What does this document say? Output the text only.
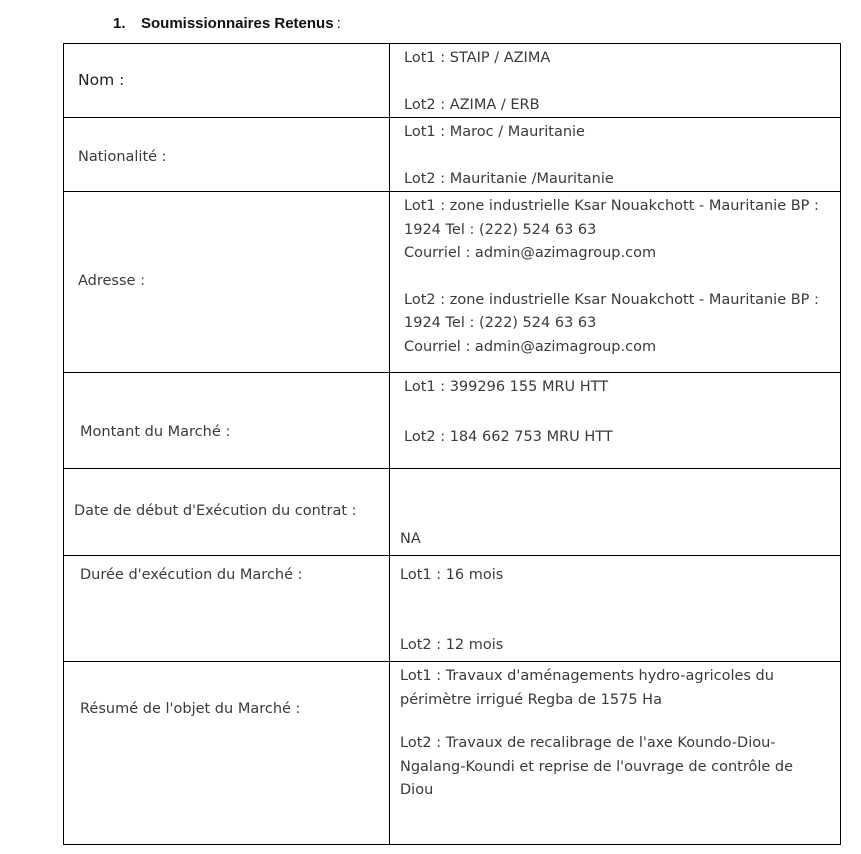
1. Soumissionnaires Retenus :
Nom :	Lot1 : STAIP / AZIMA
Lot2 : AZIMA / ERB

Nationalité :	Lot1 : Maroc / Mauritanie
Lot2 : Mauritanie /Mauritanie

Adresse :	Lot1 : zone industrielle Ksar Nouakchott - Mauritanie BP : 1924 Tel : (222) 524 63 63
Courriel : admin@azimagroup.com
Lot2 : zone industrielle Ksar Nouakchott - Mauritanie BP : 1924 Tel : (222) 524 63 63
Courriel : admin@azimagroup.com

Montant du Marché :	Lot1 : 399296 155 MRU HTT
Lot2 : 184 662 753 MRU HTT

Date de début d'Exécution du contrat :	NA

Durée d'exécution du Marché :	Lot1 : 16 mois
Lot2 : 12 mois

Résumé de l'objet du Marché :	Lot1 : Travaux d'aménagements hydro-agricoles du périmètre irrigué Regba de 1575 Ha
Lot2 : Travaux de recalibrage de l'axe Koundo-Diou-Ngalang-Koundi et reprise de l'ouvrage de contrôle de Diou
